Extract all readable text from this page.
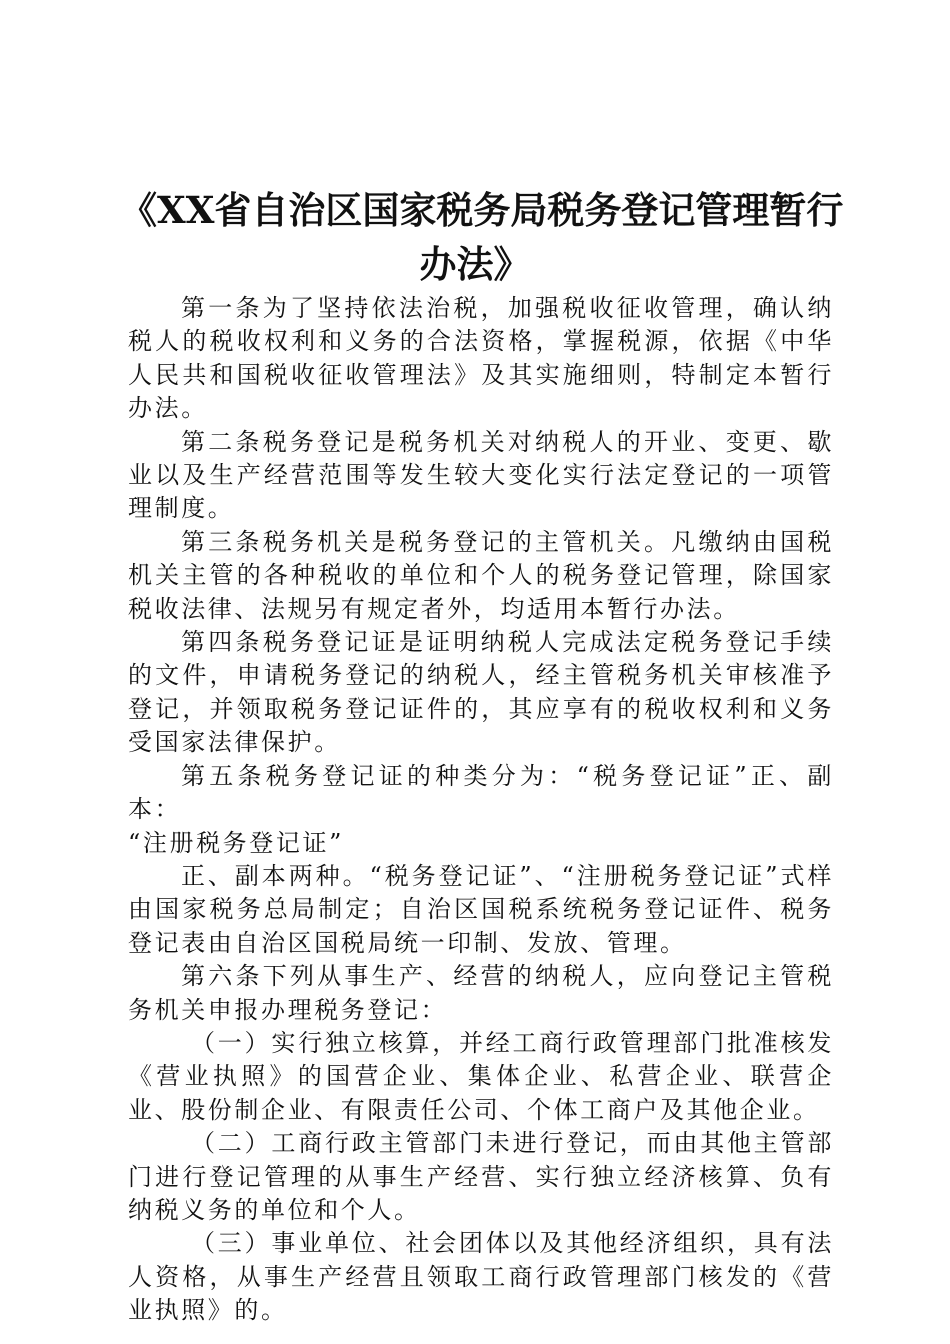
《XX省自治区国家税务局税务登记管理暂行
办法》

第一条为了坚持依法治税，加强税收征收管理，确认纳税人的税收权利和义务的合法资格，掌握税源，依据《中华人民共和国税收征收管理法》及其实施细则，特制定本暂行办法。

第二条税务登记是税务机关对纳税人的开业、变更、歇业以及生产经营范围等发生较大变化实行法定登记的一项管理制度。

第三条税务机关是税务登记的主管机关。凡缴纳由国税机关主管的各种税收的单位和个人的税务登记管理，除国家税收法律、法规另有规定者外，均适用本暂行办法。

第四条税务登记证是证明纳税人完成法定税务登记手续的文件，申请税务登记的纳税人，经主管税务机关审核准予登记，并领取税务登记证件的，其应享有的税收权利和义务受国家法律保护。

第五条税务登记证的种类分为：“税务登记证”正、副本：

“注册税务登记证”

正、副本两种。“税务登记证”、“注册税务登记证”式样由国家税务总局制定；自治区国税系统税务登记证件、税务登记表由自治区国税局统一印制、发放、管理。

第六条下列从事生产、经营的纳税人，应向登记主管税务机关申报办理税务登记：

（一）实行独立核算，并经工商行政管理部门批准核发《营业执照》的国营企业、集体企业、私营企业、联营企业、股份制企业、有限责任公司、个体工商户及其他企业。

（二）工商行政主管部门未进行登记，而由其他主管部门进行登记管理的从事生产经营、实行独立经济核算、负有纳税义务的单位和个人。

（三）事业单位、社会团体以及其他经济组织，具有法人资格，从事生产经营且领取工商行政管理部门核发的《营业执照》的。
